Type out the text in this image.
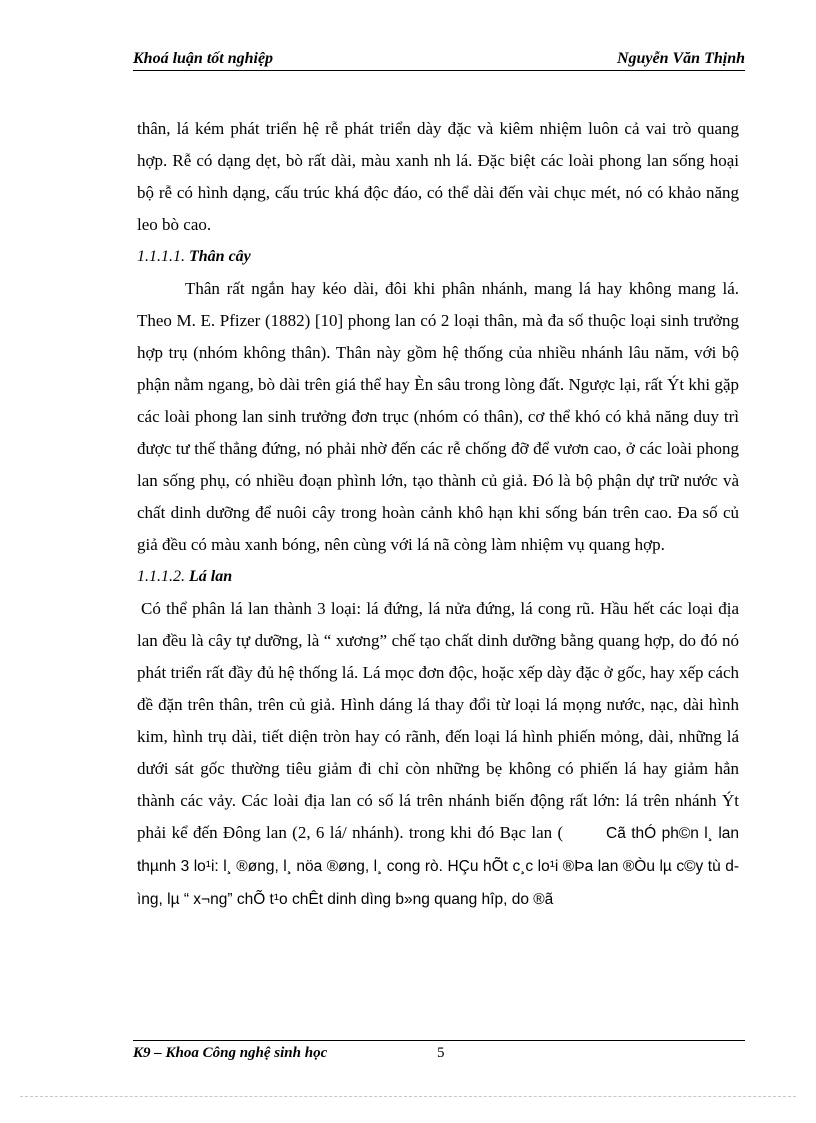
Khoá luận tốt nghiệp	Nguyễn Văn Thịnh

thân, lá kém phát triển hệ rễ phát triển dày đặc và kiêm nhiệm luôn cả vai trò quang hợp. Rễ có dạng dẹt, bò rất dài, màu xanh nh lá. Đặc biệt các loài phong lan sống hoại bộ rễ có hình dạng, cấu trúc khá độc đáo, có thể dài đến vài chục mét, nó có khảo năng leo bò cao.

1.1.1.1. Thân cây

Thân rất ngắn hay kéo dài, đôi khi phân nhánh, mang lá hay không mang lá. Theo M. E. Pfizer (1882) [10] phong lan có 2 loại thân, mà đa số thuộc loại sinh trưởng hợp trụ (nhóm không thân). Thân này gồm hệ thống của nhiều nhánh lâu năm, với bộ phận nằm ngang, bò dài trên giá thể hay Èn sâu trong lòng đất. Ngược lại, rất Ýt khi gặp các loài phong lan sinh trưởng đơn trục (nhóm có thân), cơ thể khó có khả năng duy trì được tư thế thẳng đứng, nó phải nhờ đến các rễ chống đỡ để vươn cao, ở các loài phong lan sống phụ, có nhiều đoạn phình lớn, tạo thành củ giả. Đó là bộ phận dự trữ nước và chất dinh dưỡng để nuôi cây trong hoàn cảnh khô hạn khi sống bán trên cao. Đa số củ giả đều có màu xanh bóng, nên cùng với lá nã còng làm nhiệm vụ quang hợp.

1.1.1.2. Lá lan

Có thể phân lá lan thành 3 loại: lá đứng, lá nửa đứng, lá cong rũ. Hầu hết các loại địa lan đều là cây tự dưỡng, là “ xương” chế tạo chất dinh dưỡng bằng quang hợp, do đó nó phát triển rất đầy đủ hệ thống lá. Lá mọc đơn độc, hoặc xếp dày đặc ở gốc, hay xếp cách đề đặn trên thân, trên củ giả. Hình dáng lá thay đổi từ loại lá mọng nước, nạc, dài hình kim, hình trụ dài, tiết diện tròn hay có rãnh, đến loại lá hình phiến mỏng, dài, những lá dưới sát gốc thường tiêu giảm đi chỉ còn những bẹ không có phiến lá hay giảm hẳn thành các vảy. Các loài địa lan có số lá trên nhánh biến động rất lớn: lá trên nhánh Ýt phải kể đến Đông lan (2, 6 lá/ nhánh). trong khi đó Bạc lan (	Cã thÓ ph©n l¸ lan thµnh 3 lo¹i: l¸ ®øng, l¸ nöa ®øng, l¸ cong rò. HÇu hÕt c¸c lo¹i ®Þa lan ®Òu lµ c©y tù dìng, lµ “ x¬ng” chÕ t¹o chÊt dinh dìng b»ng quang hîp, do ®ã

K9 – Khoa Công nghệ sinh học	5
